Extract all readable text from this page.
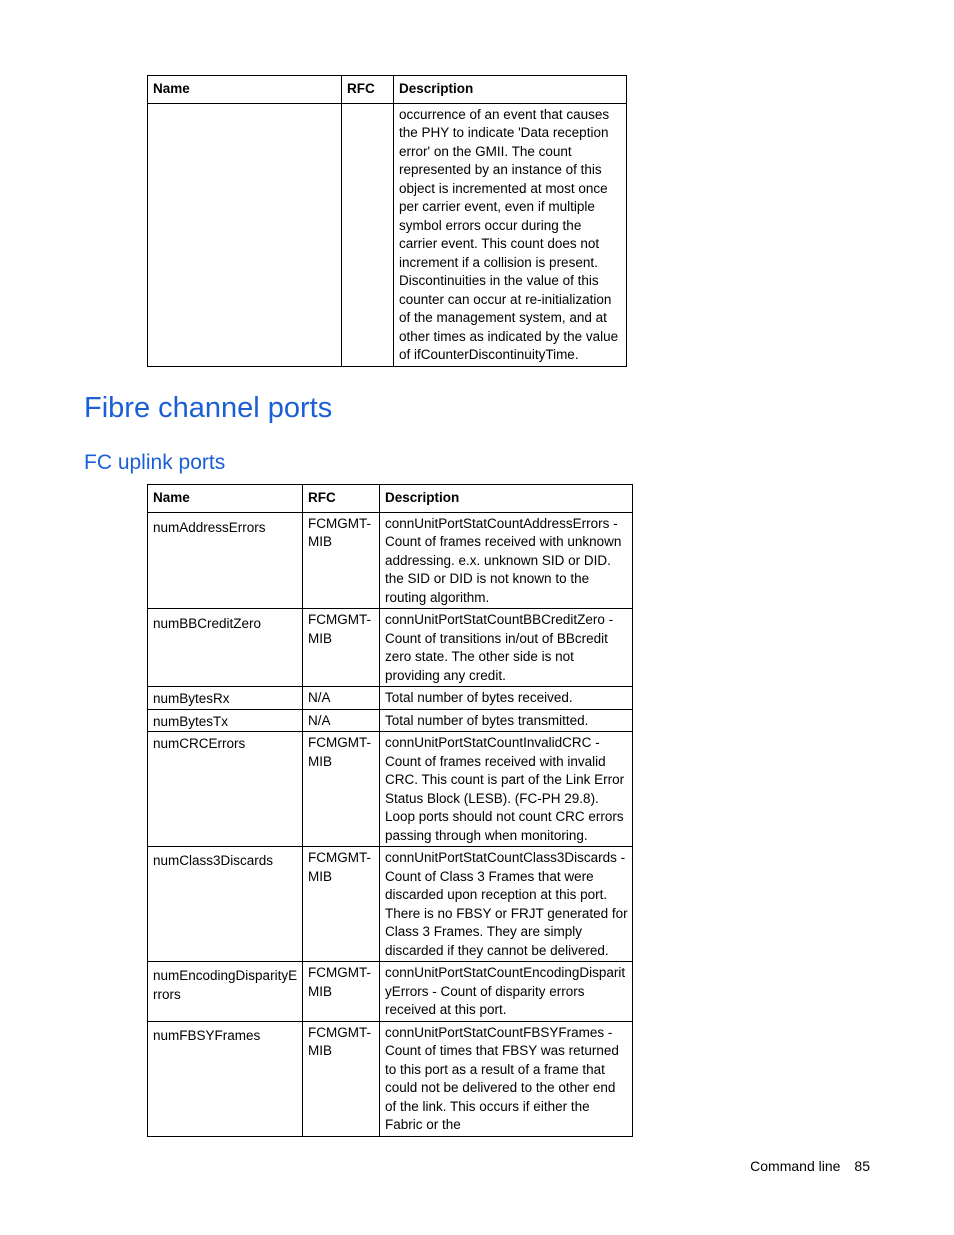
Name	RFC	Description
		occurrence of an event that causes the PHY to indicate 'Data reception error' on the GMII. The count represented by an instance of this object is incremented at most once per carrier event, even if multiple symbol errors occur during the carrier event. This count does not increment if a collision is present. Discontinuities in the value of this counter can occur at re-initialization of the management system, and at other times as indicated by the value of ifCounterDiscontinuityTime.
Fibre channel ports
FC uplink ports
Name	RFC	Description
numAddressErrors	FCMGMT-MIB	connUnitPortStatCountAddressErrors - Count of frames received with unknown addressing. e.x. unknown SID or DID. the SID or DID is not known to the routing algorithm.
numBBCreditZero	FCMGMT-MIB	connUnitPortStatCountBBCreditZero - Count of transitions in/out of BBcredit zero state. The other side is not providing any credit.
numBytesRx	N/A	Total number of bytes received.
numBytesTx	N/A	Total number of bytes transmitted.
numCRCErrors	FCMGMT-MIB	connUnitPortStatCountInvalidCRC - Count of frames received with invalid CRC. This count is part of the Link Error Status Block (LESB). (FC-PH 29.8). Loop ports should not count CRC errors passing through when monitoring.
numClass3Discards	FCMGMT-MIB	connUnitPortStatCountClass3Discards - Count of Class 3 Frames that were discarded upon reception at this port. There is no FBSY or FRJT generated for Class 3 Frames. They are simply discarded if they cannot be delivered.
numEncodingDisparityErrors	FCMGMT-MIB	connUnitPortStatCountEncodingDisparityErrors - Count of disparity errors received at this port.
numFBSYFrames	FCMGMT-MIB	connUnitPortStatCountFBSYFrames - Count of times that FBSY was returned to this port as a result of a frame that could not be delivered to the other end of the link. This occurs if either the Fabric or the
Command line 85
